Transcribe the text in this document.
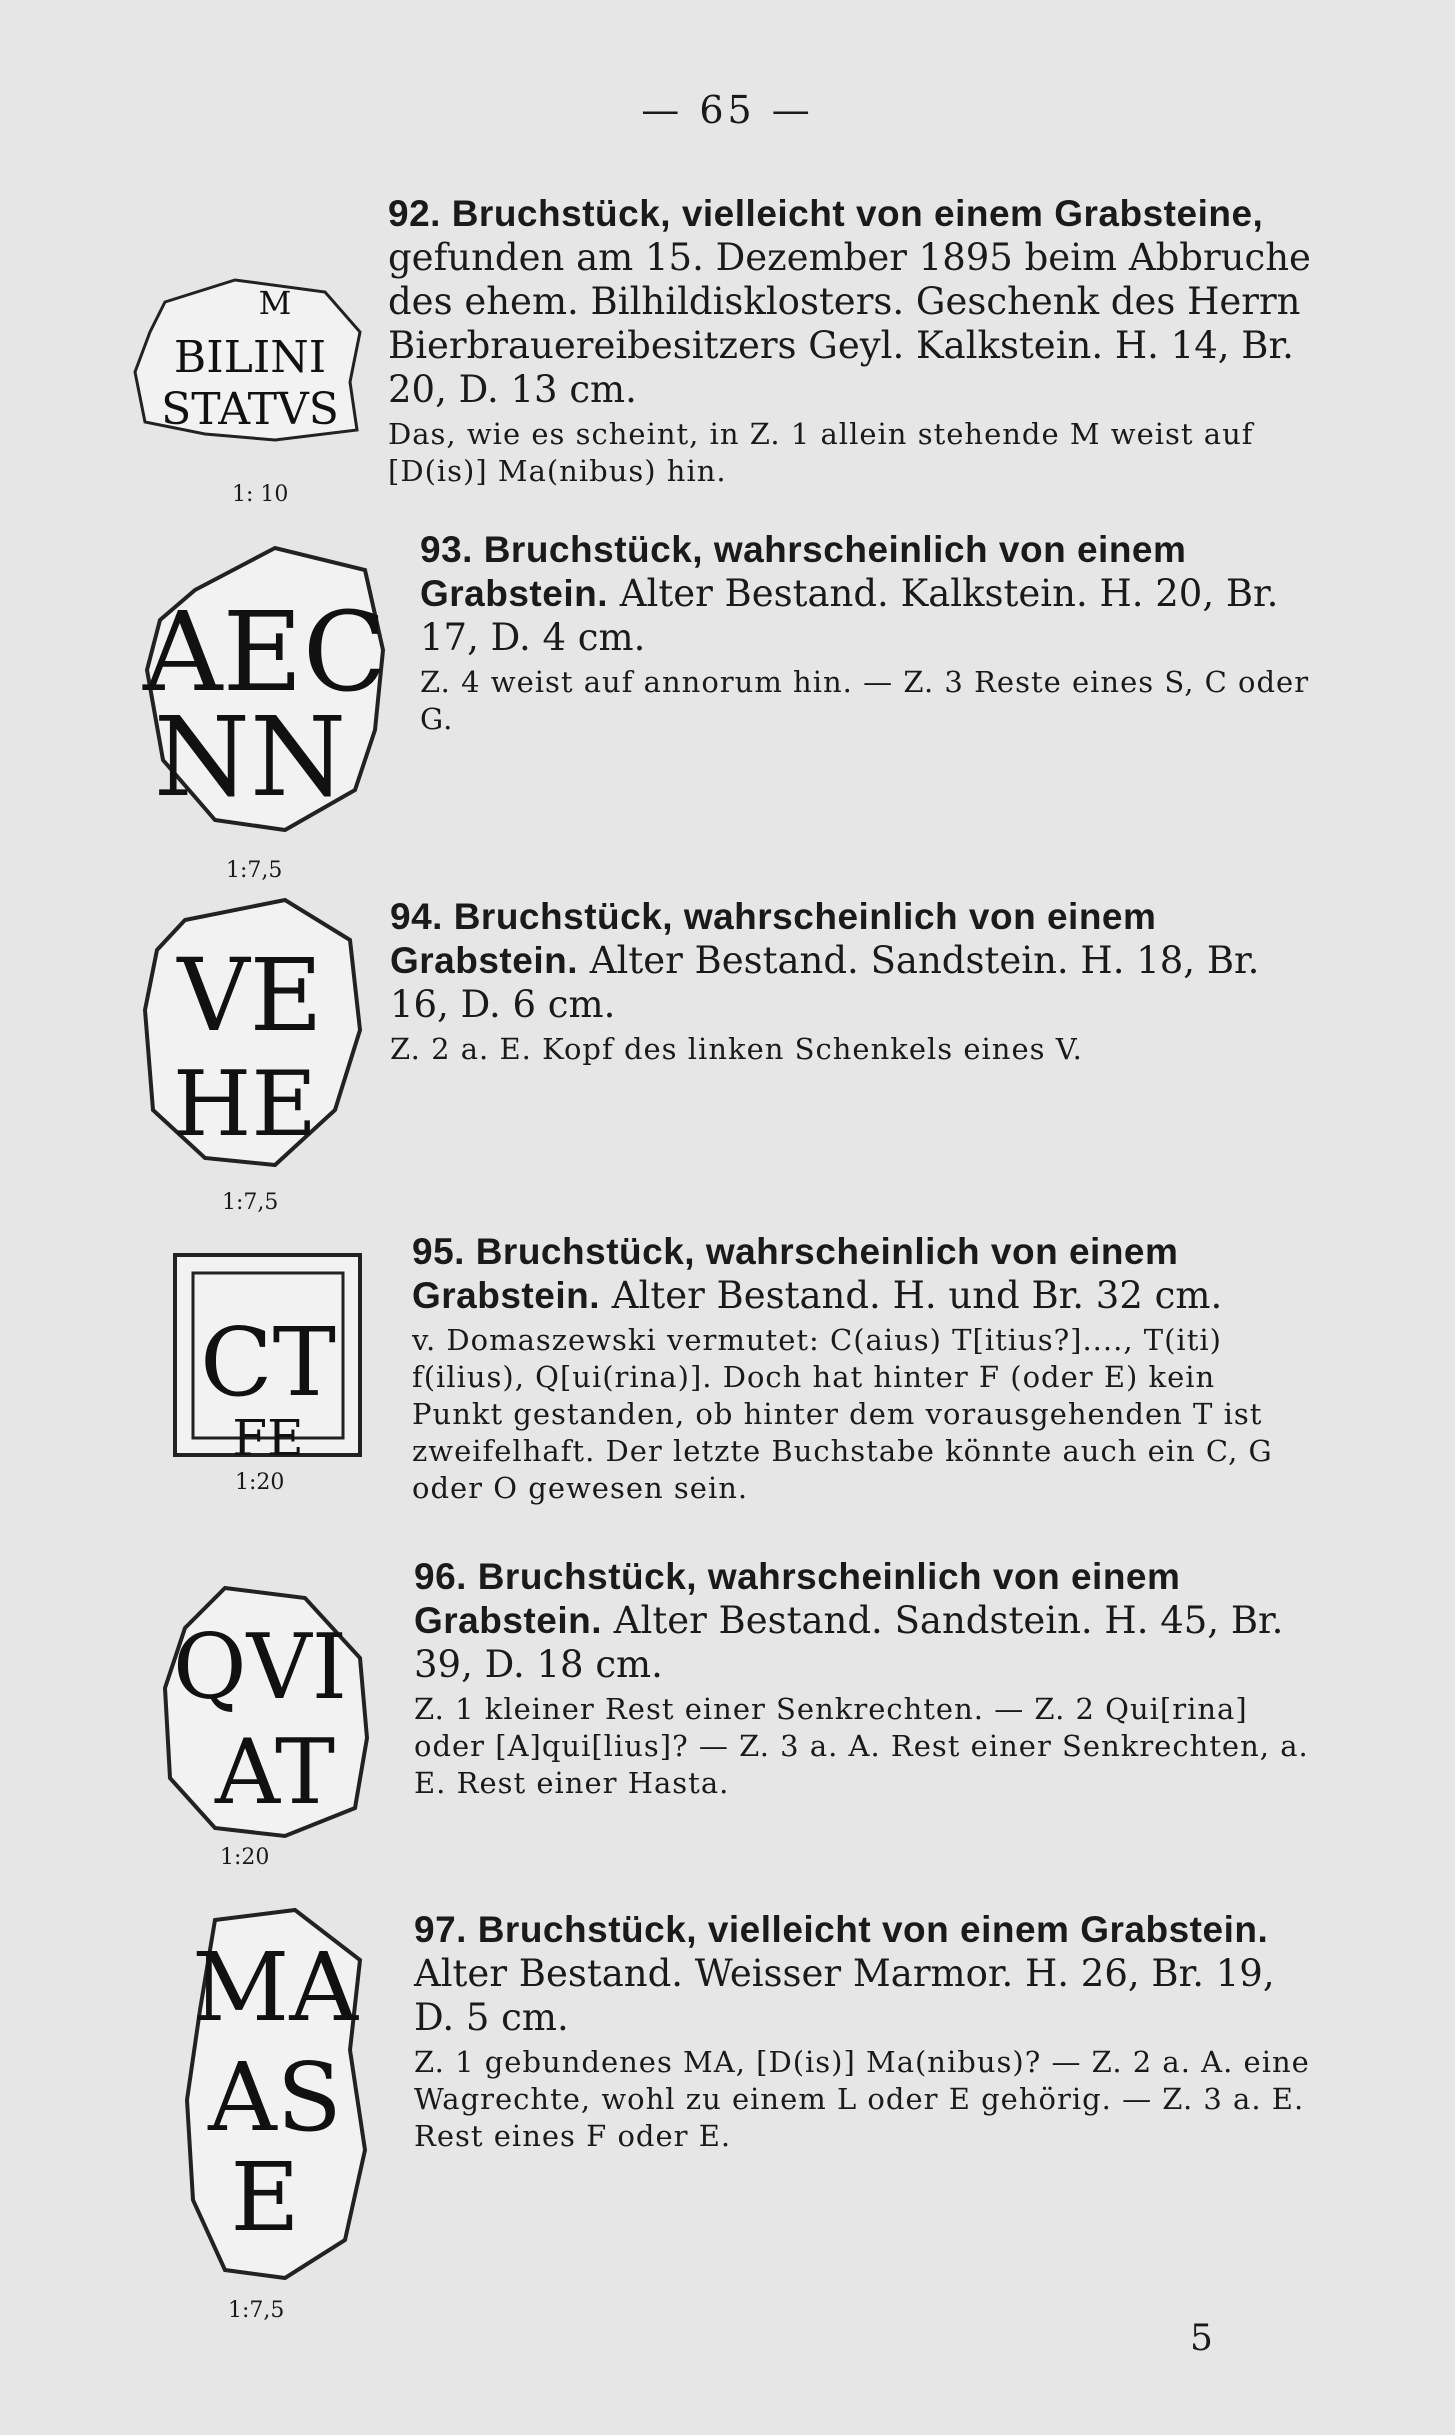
— 65 —
M
BILINI
STATVS
1: 10
92. Bruchstück, vielleicht von einem Grabsteine, gefunden am 15. Dezember 1895 beim Abbruche des ehem. Bilhildisklosters. Geschenk des Herrn Bierbrauereibesitzers Geyl. Kalkstein. H. 14, Br. 20, D. 13 cm.
Das, wie es scheint, in Z. 1 allein stehende M weist auf [D(is)] Ma(nibus) hin.
AEC
NN
1:7,5
93. Bruchstück, wahrscheinlich von einem Grabstein. Alter Bestand. Kalkstein. H. 20, Br. 17, D. 4 cm.
Z. 4 weist auf annorum hin. — Z. 3 Reste eines S, C oder G.
VE
HE
1:7,5
94. Bruchstück, wahrscheinlich von einem Grabstein. Alter Bestand. Sandstein. H. 18, Br. 16, D. 6 cm.
Z. 2 a. E. Kopf des linken Schenkels eines V.
CT
FE
1:20
95. Bruchstück, wahrscheinlich von einem Grabstein. Alter Bestand. H. und Br. 32 cm.
v. Domaszewski vermutet: C(aius) T[itius?]...., T(iti) f(ilius), Q[ui(rina)]. Doch hat hinter F (oder E) kein Punkt gestanden, ob hinter dem vorausgehenden T ist zweifelhaft. Der letzte Buchstabe könnte auch ein C, G oder O gewesen sein.
QVI
AT
1:20
96. Bruchstück, wahrscheinlich von einem Grabstein. Alter Bestand. Sandstein. H. 45, Br. 39, D. 18 cm.
Z. 1 kleiner Rest einer Senkrechten. — Z. 2 Qui[rina] oder [A]qui[lius]? — Z. 3 a. A. Rest einer Senkrechten, a. E. Rest einer Hasta.
MA
AS
E
1:7,5
97. Bruchstück, vielleicht von einem Grabstein. Alter Bestand. Weisser Marmor. H. 26, Br. 19, D. 5 cm.
Z. 1 gebundenes MA, [D(is)] Ma(nibus)? — Z. 2 a. A. eine Wagrechte, wohl zu einem L oder E gehörig. — Z. 3 a. E. Rest eines F oder E.
5
